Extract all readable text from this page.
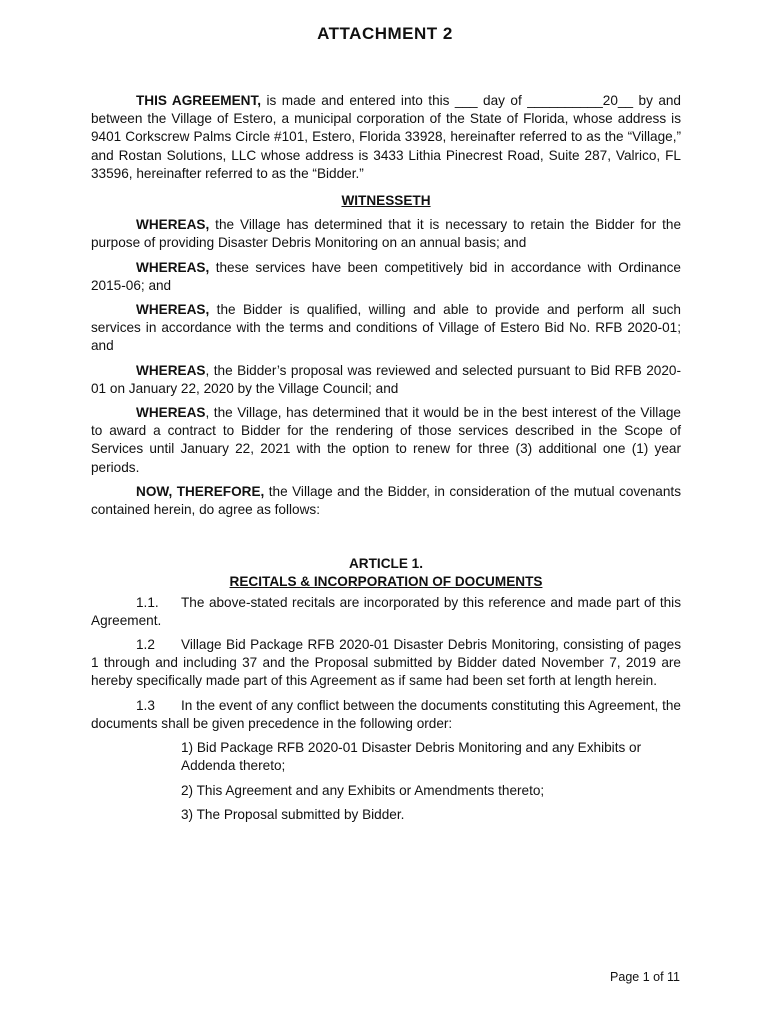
ATTACHMENT 2

THIS AGREEMENT, is made and entered into this ___ day of __________20__ by and between the Village of Estero, a municipal corporation of the State of Florida, whose address is 9401 Corkscrew Palms Circle #101, Estero, Florida 33928, hereinafter referred to as the “Village,” and Rostan Solutions, LLC whose address is 3433 Lithia Pinecrest Road, Suite 287, Valrico, FL 33596, hereinafter referred to as the “Bidder.”

WITNESSETH

WHEREAS, the Village has determined that it is necessary to retain the Bidder for the purpose of providing Disaster Debris Monitoring on an annual basis; and

WHEREAS, these services have been competitively bid in accordance with Ordinance 2015-06; and

WHEREAS, the Bidder is qualified, willing and able to provide and perform all such services in accordance with the terms and conditions of Village of Estero Bid No. RFB 2020-01; and

WHEREAS, the Bidder’s proposal was reviewed and selected pursuant to Bid RFB 2020-01 on January 22, 2020 by the Village Council; and

WHEREAS, the Village, has determined that it would be in the best interest of the Village to award a contract to Bidder for the rendering of those services described in the Scope of Services until January 22, 2021 with the option to renew for three (3) additional one (1) year periods.

NOW, THEREFORE, the Village and the Bidder, in consideration of the mutual covenants contained herein, do agree as follows:

ARTICLE 1.

RECITALS & INCORPORATION OF DOCUMENTS

1.1. The above-stated recitals are incorporated by this reference and made part of this Agreement.

1.2 Village Bid Package RFB 2020-01 Disaster Debris Monitoring, consisting of pages 1 through and including 37 and the Proposal submitted by Bidder dated November 7, 2019 are hereby specifically made part of this Agreement as if same had been set forth at length herein.

1.3 In the event of any conflict between the documents constituting this Agreement, the documents shall be given precedence in the following order:

1) Bid Package RFB 2020-01 Disaster Debris Monitoring and any Exhibits or Addenda thereto;

2) This Agreement and any Exhibits or Amendments thereto;

3) The Proposal submitted by Bidder.

Page 1 of 11
